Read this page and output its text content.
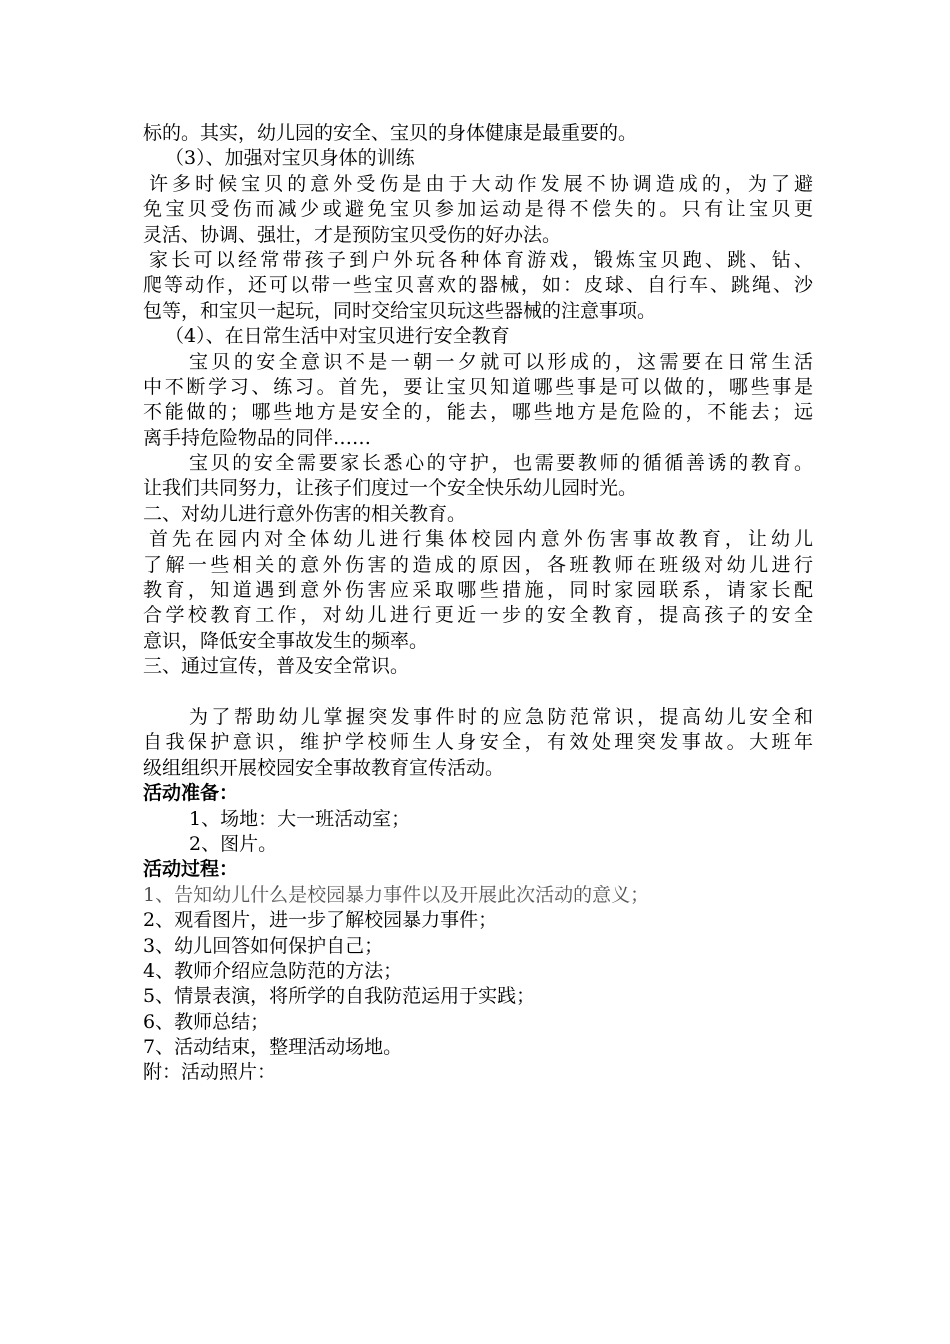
标的。其实，幼儿园的安全、宝贝的身体健康是最重要的。
（3）、加强对宝贝身体的训练
许多时候宝贝的意外受伤是由于大动作发展不协调造成的，为了避
免宝贝受伤而减少或避免宝贝参加运动是得不偿失的。只有让宝贝更
灵活、协调、强壮，才是预防宝贝受伤的好办法。
家长可以经常带孩子到户外玩各种体育游戏，锻炼宝贝跑、跳、钻、
爬等动作，还可以带一些宝贝喜欢的器械，如：皮球、自行车、跳绳、沙
包等，和宝贝一起玩，同时交给宝贝玩这些器械的注意事项。
（4）、在日常生活中对宝贝进行安全教育
宝贝的安全意识不是一朝一夕就可以形成的，这需要在日常生活
中不断学习、练习。首先，要让宝贝知道哪些事是可以做的，哪些事是
不能做的；哪些地方是安全的，能去，哪些地方是危险的，不能去；远
离手持危险物品的同伴……
宝贝的安全需要家长悉心的守护，也需要教师的循循善诱的教育。
让我们共同努力，让孩子们度过一个安全快乐幼儿园时光。
二、对幼儿进行意外伤害的相关教育。
首先在园内对全体幼儿进行集体校园内意外伤害事故教育，让幼儿
了解一些相关的意外伤害的造成的原因，各班教师在班级对幼儿进行
教育，知道遇到意外伤害应采取哪些措施，同时家园联系，请家长配
合学校教育工作，对幼儿进行更近一步的安全教育，提高孩子的安全
意识，降低安全事故发生的频率。
三、通过宣传，普及安全常识。
为了帮助幼儿掌握突发事件时的应急防范常识，提高幼儿安全和
自我保护意识，维护学校师生人身安全，有效处理突发事故。大班年
级组组织开展校园安全事故教育宣传活动。
活动准备：
1、场地：大一班活动室；
2、图片。
活动过程：
1、告知幼儿什么是校园暴力事件以及开展此次活动的意义；
2、观看图片，进一步了解校园暴力事件；
3、幼儿回答如何保护自己；
4、教师介绍应急防范的方法；
5、情景表演，将所学的自我防范运用于实践；
6、教师总结；
7、活动结束，整理活动场地。
附：活动照片：
